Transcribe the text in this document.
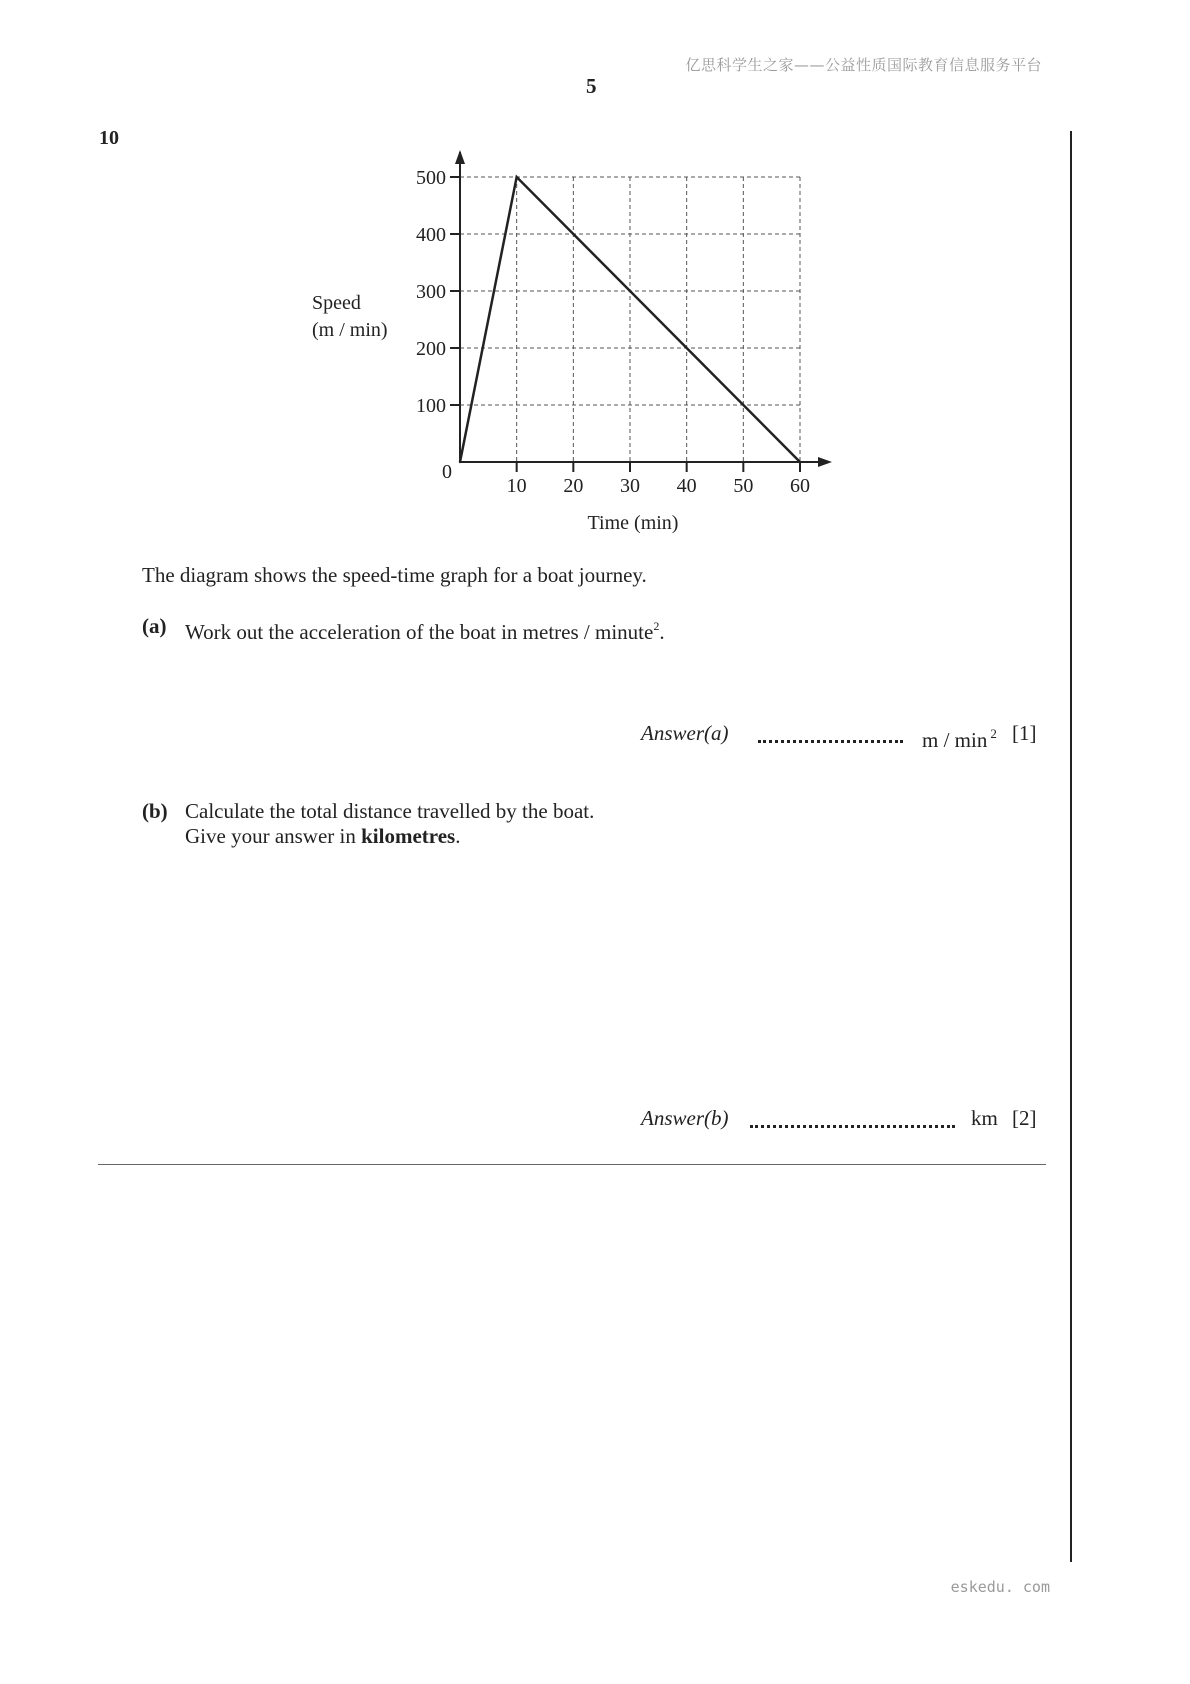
亿思科学生之家——公益性质国际教育信息服务平台
5
10
100
200
300
400
500
10 20 30 40 50 60
0
Time (min)
Speed
(m / min)
The diagram shows the speed-time graph for a boat journey.
(a) Work out the acceleration of the boat in metres / minute$^2$.
Answer(a)	m / min $^2$ [1]
(b) Calculate the total distance travelled by the boat.
Give your answer in kilometres.
Answer(b)	km [2]
eskedu. com
